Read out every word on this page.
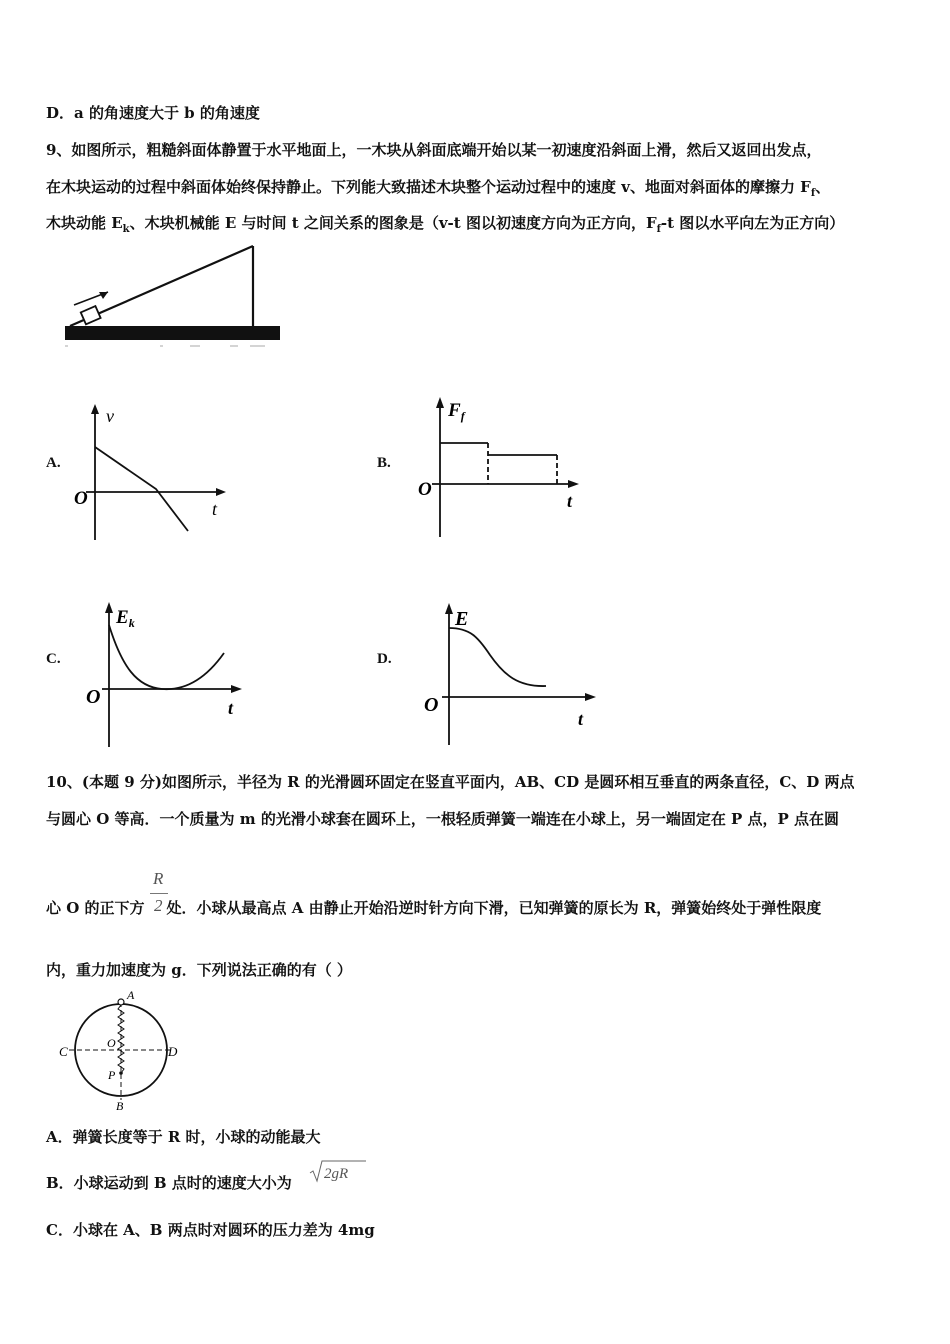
D．a 的角速度大于 b 的角速度
9、如图所示，粗糙斜面体静置于水平地面上，一木块从斜面底端开始以某一初速度沿斜面上滑，然后又返回出发点，
在木块运动的过程中斜面体始终保持静止。下列能大致描述木块整个运动过程中的速度 v、地面对斜面体的摩擦力 $F_f$、
木块动能 $E_k$、木块机械能 E 与时间 t 之间关系的图象是（v-t 图以初速度方向为正方向，$F_f-t$ 图以水平向左为正方向）
A.	B.
C.	D.
v
O	t
$F_f$
O
t
$E_k$
O	t
E
O
t
10、(本题 9 分)如图所示，半径为 R 的光滑圆环固定在竖直平面内，AB、CD 是圆环相互垂直的两条直径，C、D 两点
与圆心 O 等高．一个质量为 m 的光滑小球套在圆环上，一根轻质弹簧一端连在小球上，另一端固定在 P 点，P 点在圆
心 O 的正下方 处．小球从最高点 A 由静止开始沿逆时针方向下滑，已知弹簧的原长为 R，弹簧始终处于弹性限度
R
2
内，重力加速度为 g．下列说法正确的有（ ）
A
B
C	D
O
P
A．弹簧长度等于 R 时，小球的动能最大
B．小球运动到 B 点时的速度大小为 2gR
C．小球在 A、B 两点时对圆环的压力差为 4mg
